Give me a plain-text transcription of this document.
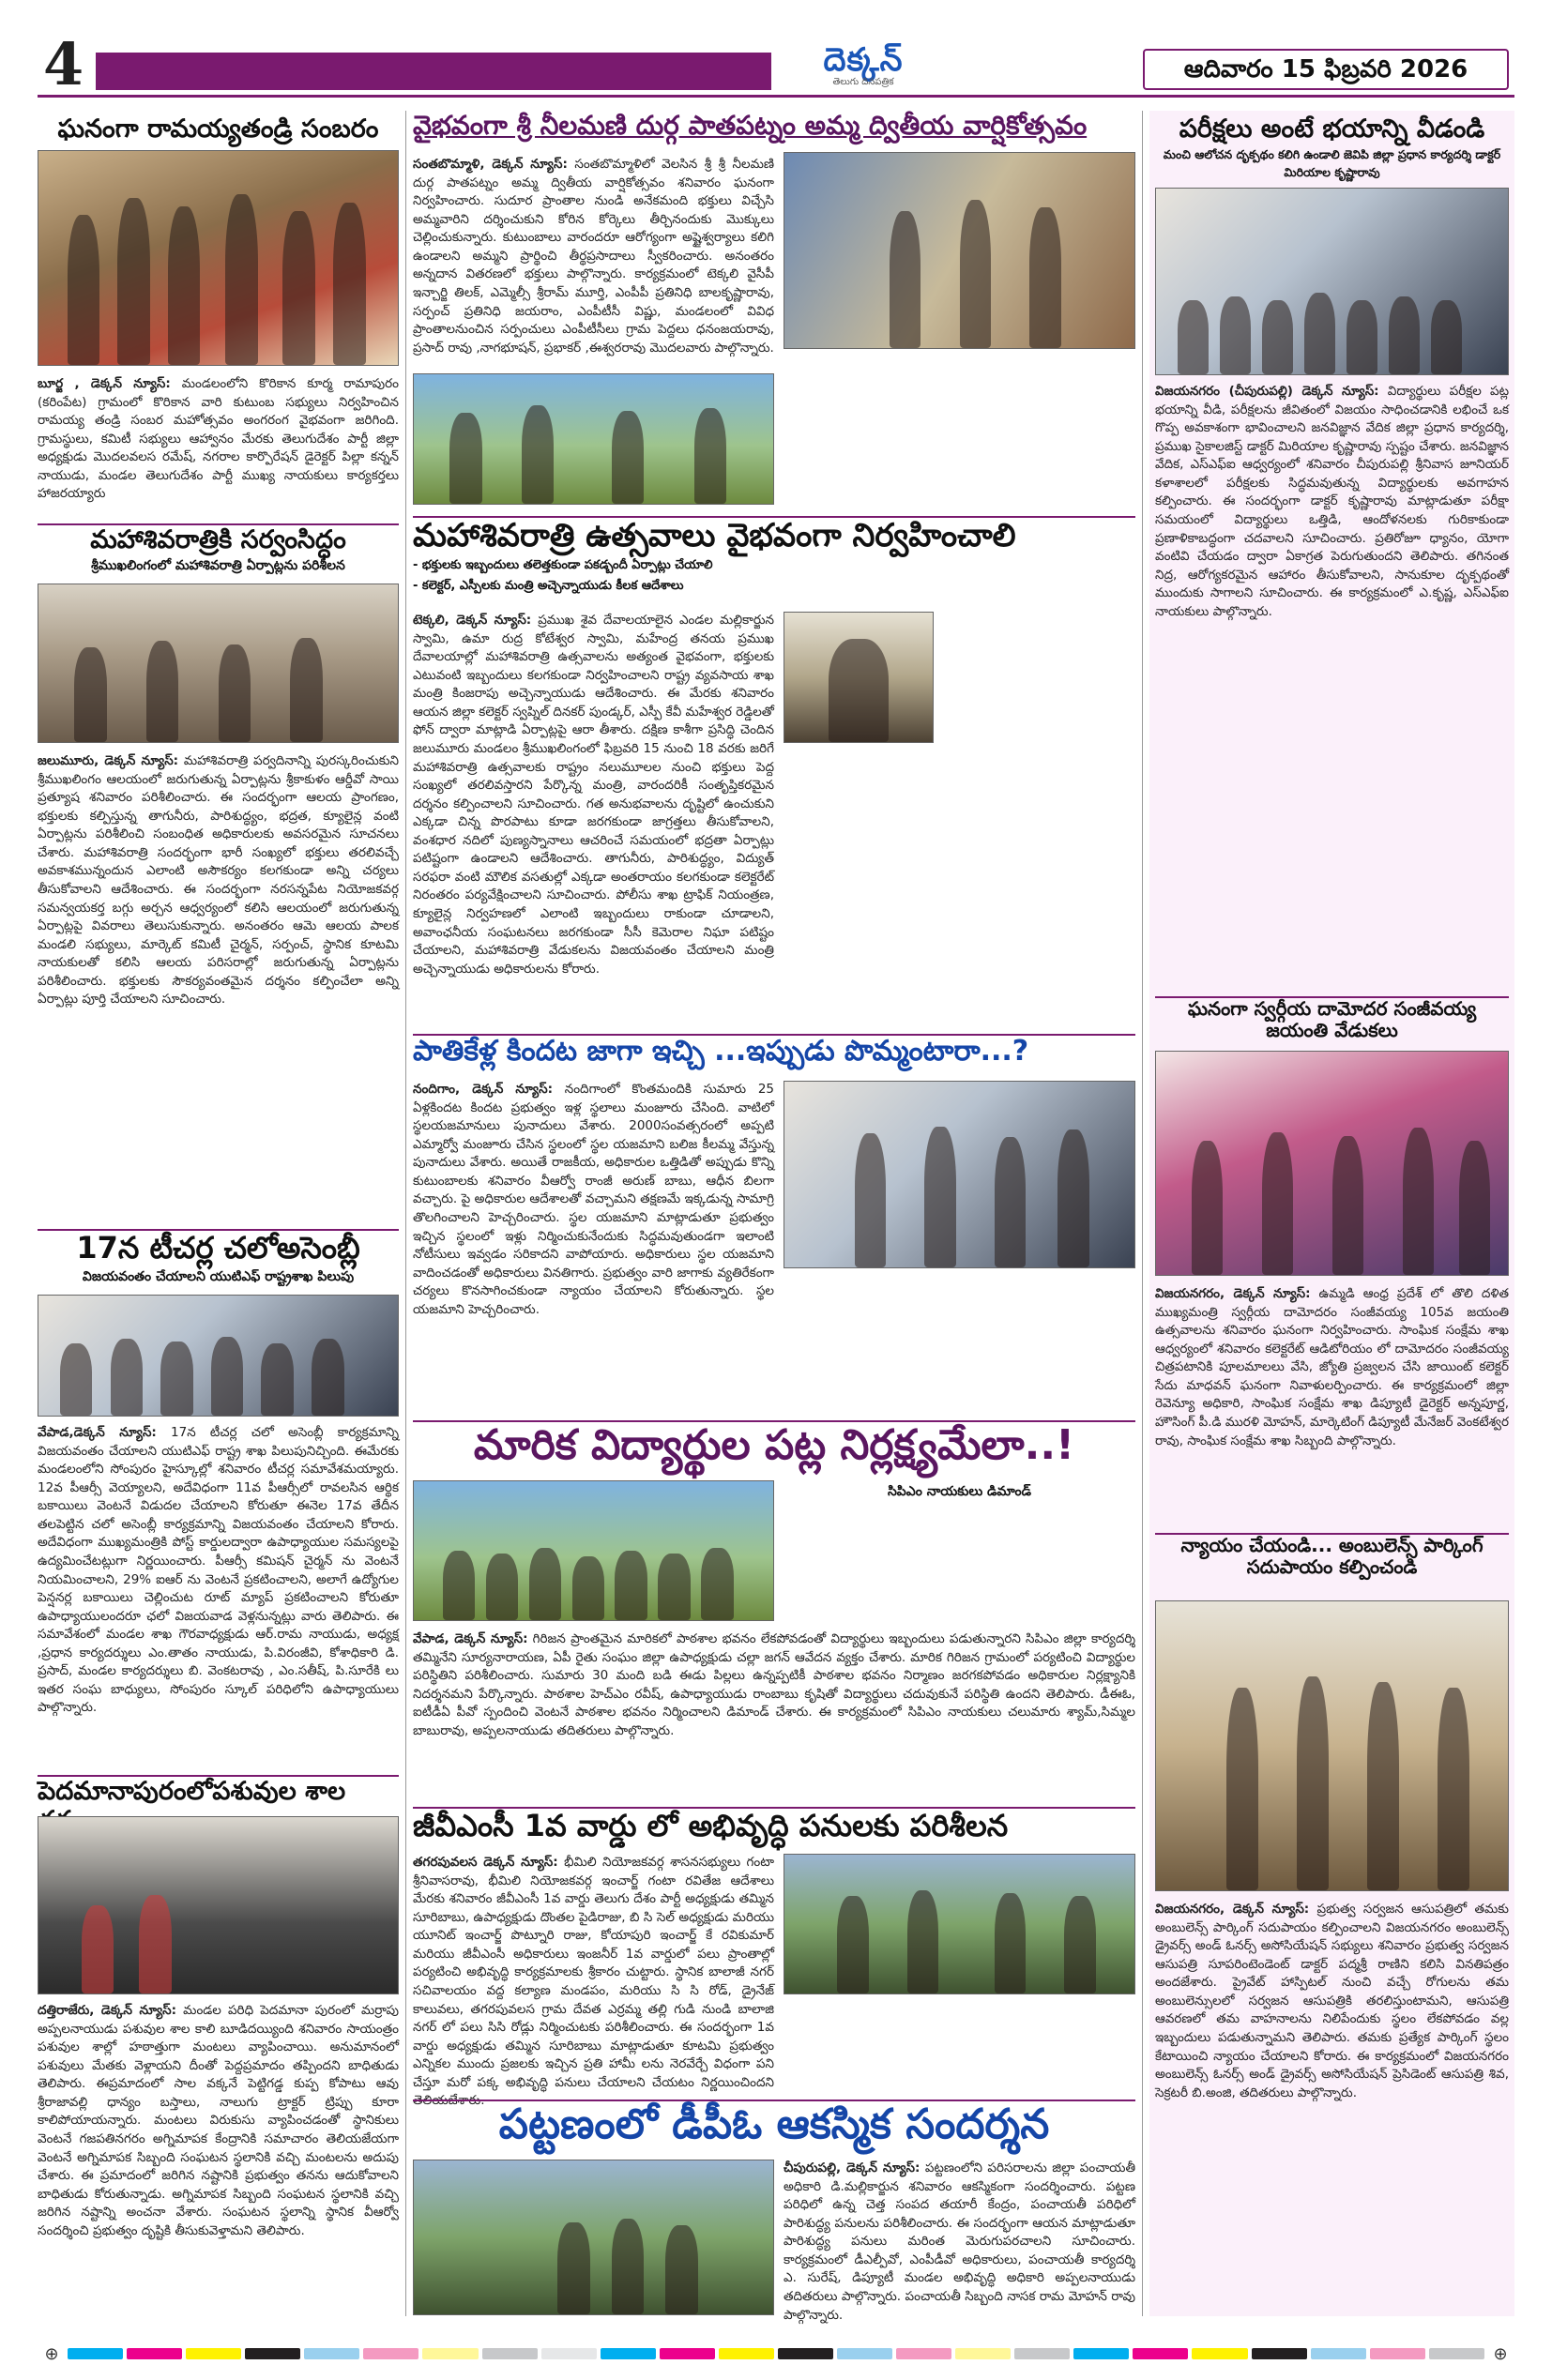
4	దెక్కన్
తెలుగు దినపత్రిక	ఆదివారం 15 ఫిబ్రవరి 2026
ఘనంగా రామయ్యతండ్రి సంబరం
బూర్జ , డెక్కన్ న్యూస్: మండలంలోని కొరికాన కూర్మ రామాపురం (కరింపేట) గ్రామంలో కొరికాన వారి కుటుంబ సభ్యులు నిర్వహించిన రామయ్య తండ్రి సంబర మహోత్సవం అంగరంగ వైభవంగా జరిగింది. గ్రామస్థులు, కమిటీ సభ్యులు ఆహ్వానం మేరకు తెలుగుదేశం పార్టీ జిల్లా అధ్యక్షుడు మొదలవలస రమేష్, నగరాల కార్పొరేషన్ డైరెక్టర్ పిల్లా కన్నన్ నాయుడు, మండల తెలుగుదేశం పార్టీ ముఖ్య నాయకులు కార్యకర్తలు హాజరయ్యారు
మహాశివరాత్రికి సర్వంసిద్ధం
శ్రీముఖలింగంలో మహాశివరాత్రి ఏర్పాట్లను పరిశీలన
జలుమూరు, డెక్కన్ న్యూస్: మహాశివరాత్రి పర్వదినాన్ని పురస్కరించుకుని శ్రీముఖలింగం ఆలయంలో జరుగుతున్న ఏర్పాట్లను శ్రీకాకుళం ఆర్డీవో సాయి ప్రత్యూష శనివారం పరిశీలించారు. ఈ సందర్భంగా ఆలయ ప్రాంగణం, భక్తులకు కల్పిస్తున్న తాగునీరు, పారిశుద్ధ్యం, భద్రత, క్యూలైన్ల వంటి ఏర్పాట్లను పరిశీలించి సంబంధిత అధికారులకు అవసరమైన సూచనలు చేశారు. మహాశివరాత్రి సందర్భంగా భారీ సంఖ్యలో భక్తులు తరలివచ్చే అవకాశమున్నందున ఎలాంటి అసౌకర్యం కలగకుండా అన్ని చర్యలు తీసుకోవాలని ఆదేశించారు. ఈ సందర్భంగా నరసన్నపేట నియోజకవర్గ సమన్వయకర్త బగ్గు అర్చన ఆధ్వర్యంలో కలిసి ఆలయంలో జరుగుతున్న ఏర్పాట్లపై వివరాలు తెలుసుకున్నారు. అనంతరం ఆమె ఆలయ పాలక మండలి సభ్యులు, మార్కెట్ కమిటీ చైర్మన్, సర్పంచ్, స్థానిక కూటమి నాయకులతో కలిసి ఆలయ పరిసరాల్లో జరుగుతున్న ఏర్పాట్లను పరిశీలించారు. భక్తులకు సౌకర్యవంతమైన దర్శనం కల్పించేలా అన్ని ఏర్పాట్లు పూర్తి చేయాలని సూచించారు.
17న టీచర్ల చలోఅసెంబ్లీ
విజయవంతం చేయాలని యుటిఎఫ్ రాష్ట్రశాఖ పిలుపు
వేపాడ,డెక్కన్ న్యూస్: 17న టీచర్ల చలో అసెంబ్లీ కార్యక్రమాన్ని విజయవంతం చేయాలని యుటిఎఫ్ రాష్ట్ర శాఖ పిలుపునిచ్చింది. ఈమేరకు మండలంలోని సోంపురం హైస్కూల్లో శనివారం టీచర్ల సమావేశమయ్యారు. 12వ పీఆర్సీ వెయ్యాలని, అదేవిధంగా 11వ పీఆర్సీలో రావలసిన ఆర్థిక బకాయిలు వెంటనే విడుదల చేయాలని కోరుతూ ఈనెల 17వ తేదీన తలపెట్టిన చలో అసెంబ్లీ కార్యక్రమాన్ని విజయవంతం చేయాలని కోరారు. అదేవిధంగా ముఖ్యమంత్రికి పోస్ట్ కార్డులద్వారా ఉపాధ్యాయుల సమస్యలపై ఉద్యమించేటట్లుగా నిర్ణయించారు. పీఆర్సీ కమిషన్ చైర్మన్ ను వెంటనే నియమించాలని, 29% ఐఆర్ ను వెంటనే ప్రకటించాలని, అలాగే ఉద్యోగుల పెన్షనర్ల బకాయిలు చెల్లించుట రూట్ మ్యాప్ ప్రకటించాలని కోరుతూ ఉపాధ్యాయులందరూ ఛలో విజయవాడ వెళ్లనున్నట్లు వారు తెలిపారు. ఈ సమావేశంలో మండల శాఖ గౌరవాధ్యక్షుడు ఆర్.రామ నాయుడు, అధ్యక్ష ,ప్రధాన కార్యదర్శులు ఎం.తాతం నాయుడు, పి.విరంజీవి, కోశాధికారి డి. ప్రసాద్, మండల కార్యదర్శులు బి. వెంకటరావు , ఎం.సతీష్, పి.సూరేకి లు ఇతర సంఘ బాధ్యులు, సోంపురం స్కూల్ పరిధిలోని ఉపాధ్యాయులు పాల్గొన్నారు.
పెదమానాపురంలోపశువుల శాల
దత్తిరాజేరు, డెక్కన్ న్యూస్: మండల పరిధి పెదమానా పురంలో మర్రాపు అప్పలనాయుడు పశువుల శాల కాలి బూడిదయ్యింది శనివారం సాయంత్రం పశువుల శాల్లో హఠాత్తుగా మంటలు వ్యాపించాయి. అనుమానంలో పశువులు మేతకు వెళ్లాయని దీంతో పెద్దప్రమాదం తప్పిందని బాధితుడు తెలిపారు. ఈప్రమాదంలో సాల వక్కనే పెట్టిగడ్డ కుప్ప కోపాటు ఆవు శ్రీరాజావల్లి ధాన్యం బస్తాలు, నాలుగు ట్రాక్టర్ ట్రిప్పు కూరా కాలిపోయాయన్నారు. మంటలు విరుకుసు వ్యాపించడంతో స్థానికులు వెంటనే గజపతినగరం అగ్నిమాపక కేంద్రానికి సమాచారం తెలియజేయగా వెంటనే అగ్నిమాపక సిబ్బంది సంఘటన స్థలానికి వచ్చి మంటలను అదుపు చేశారు. ఈ ప్రమాదంలో జరిగిన నష్టానికి ప్రభుత్వం తనను ఆదుకోవాలని బాధితుడు కోరుతున్నాడు. అగ్నిమాపక సిబ్బంది సంఘటన స్థలానికి వచ్చి జరిగిన నష్టాన్ని అంచనా వేశారు. సంఘటన స్థలాన్ని స్థానిక వీఆర్వో సందర్శించి ప్రభుత్వం దృష్టికి తీసుకువెళ్తామని తెలిపారు.
వైభవంగా శ్రీ నీలమణి దుర్గ పాతపట్నం అమ్మ ద్వితీయ వార్షికోత్సవం
సంతబొమ్మాళి, డెక్కన్ న్యూస్: సంతబొమ్మాళిలో వెలసిన శ్రీ శ్రీ నీలమణి దుర్గ పాతపట్నం అమ్మ ద్వితీయ వార్షికోత్సవం శనివారం ఘనంగా నిర్వహించారు. సుదూర ప్రాంతాల నుండి అనేకమంది భక్తులు విచ్చేసి అమ్మవారిని దర్శించుకుని కోరిన కోర్కెలు తీర్చినందుకు మొక్కులు చెల్లించుకున్నారు. కుటుంబాలు వారందరూ ఆరోగ్యంగా అష్టైశ్వర్యాలు కలిగి ఉండాలని అమ్మని ప్రార్థించి తీర్థప్రసాదాలు స్వీకరించారు. అనంతరం అన్నదాన వితరణలో భక్తులు పాల్గొన్నారు. కార్యక్రమంలో టెక్కలి వైసీపీ ఇన్చార్జి తిలక్, ఎమ్మెల్సీ శ్రీరామ్ మూర్తి, ఎంపీపీ ప్రతినిధి బాలకృష్ణారావు, సర్పంచ్ ప్రతినిధి జయరాం, ఎంపీటీసీ విష్ణు, మండలంలో వివిధ ప్రాంతాలనుంచిన సర్పంచులు ఎంపీటీసీలు గ్రామ పెద్దలు ధనంజయరావు, ప్రసాద్ రావు ,నాగభూషన్, ప్రభాకర్ ,ఈశ్వరరావు మొదలవారు పాల్గొన్నారు.
మహాశివరాత్రి ఉత్సవాలు వైభవంగా నిర్వహించాలి
- భక్తులకు ఇబ్బందులు తలెత్తకుండా పకడ్బందీ ఏర్పాట్లు చేయాలి
- కలెక్టర్, ఎస్పీలకు మంత్రి అచ్చెన్నాయుడు కీలక ఆదేశాలు
టెక్కలి, డెక్కన్ న్యూస్: ప్రముఖ శైవ దేవాలయాలైన ఎండల మల్లికార్జున స్వామి, ఉమా రుద్ర కోటేశ్వర స్వామి, మహేంద్ర తనయ ప్రముఖ దేవాలయాల్లో మహాశివరాత్రి ఉత్సవాలను అత్యంత వైభవంగా, భక్తులకు ఎటువంటి ఇబ్బందులు కలగకుండా నిర్వహించాలని రాష్ట్ర వ్యవసాయ శాఖ మంత్రి కింజరాపు అచ్చెన్నాయుడు ఆదేశించారు. ఈ మేరకు శనివారం ఆయన జిల్లా కలెక్టర్ స్వప్నిల్ దినకర్ పుండ్కర్, ఎస్పీ కేవీ మహేశ్వర రెడ్డిలతో ఫోన్ ద్వారా మాట్లాడి ఏర్పాట్లపై ఆరా తీశారు. దక్షిణ కాశీగా ప్రసిద్ధి చెందిన జలుమూరు మండలం శ్రీముఖలింగంలో ఫిబ్రవరి 15 నుంచి 18 వరకు జరిగే మహాశివరాత్రి ఉత్సవాలకు రాష్ట్రం నలుమూలల నుంచి భక్తులు పెద్ద సంఖ్యలో తరలివస్తారని పేర్కొన్న మంత్రి, వారందరికీ సంతృప్తికరమైన దర్శనం కల్పించాలని సూచించారు. గత అనుభవాలను దృష్టిలో ఉంచుకుని ఎక్కడా చిన్న పొరపాటు కూడా జరగకుండా జాగ్రత్తలు తీసుకోవాలని, వంశధార నదిలో పుణ్యస్నానాలు ఆచరించే సమయంలో భద్రతా ఏర్పాట్లు పటిష్టంగా ఉండాలని ఆదేశించారు. తాగునీరు, పారిశుద్ధ్యం, విద్యుత్ సరఫరా వంటి మౌలిక వసతుల్లో ఎక్కడా అంతరాయం కలగకుండా కలెక్టరేట్ నిరంతరం పర్యవేక్షించాలని సూచించారు. పోలీసు శాఖ ట్రాఫిక్ నియంత్రణ, క్యూలైన్ల నిర్వహణలో ఎలాంటి ఇబ్బందులు రాకుండా చూడాలని, అవాంఛనీయ సంఘటనలు జరగకుండా సీసీ కెమెరాల నిఘా పటిష్టం చేయాలని, మహాశివరాత్రి వేడుకలను విజయవంతం చేయాలని మంత్రి అచ్చెన్నాయుడు అధికారులను కోరారు.
పాతికేళ్ల కిందట జాగా ఇచ్చి ...ఇప్పుడు పొమ్మంటారా...?
నందిగాం, డెక్కన్ న్యూస్: నందిగాంలో కొంతమందికి సుమారు 25 ఏళ్లకిందట కిందట ప్రభుత్వం ఇళ్ల స్థలాలు మంజూరు చేసింది. వాటిలో స్థలయజమానులు పునాదులు వేశారు. 2000సంవత్సరంలో అప్పటి ఎమ్మార్వో మంజూరు చేసిన స్థలంలో స్థల యజమాని బలిజ కీలమ్మ వేస్తున్న పునాదులు వేశారు. అయితే రాజకీయ, అధికారుల ఒత్తిడితో అప్పుడు కొన్ని కుటుంబాలకు శనివారం వీఆర్వో రాంజీ అరుణ్ బాబు, ఆధీన బిలగా వచ్చారు. పై అధికారుల ఆదేశాలతో వచ్చామని తక్షణమే ఇక్కడున్న సామాగ్రి తొలగించాలని హెచ్చరించారు. స్థల యజమాని మాట్లాడుతూ ప్రభుత్వం ఇచ్చిన స్థలంలో ఇళ్లు నిర్మించుకునేందుకు సిద్ధమవుతుండగా ఇలాంటి నోటీసులు ఇవ్వడం సరికాదని వాపోయారు. అధికారులు స్థల యజమాని వాదించడంతో అధికారులు వినతిగారు. ప్రభుత్వం వారి జాగాకు వ్యతిరేకంగా చర్యలు కొనసాగించకుండా న్యాయం చేయాలని కోరుతున్నారు. స్థల యజమాని హెచ్చరించారు.
మారిక విద్యార్థుల పట్ల నిర్లక్ష్యమేలా..!
సిపిఎం నాయకులు డిమాండ్
వేపాడ, డెక్కన్ న్యూస్: గిరిజన ప్రాంతమైన మారికలో పాఠశాల భవనం లేకపోవడంతో విద్యార్థులు ఇబ్బందులు పడుతున్నారని సిపిఎం జిల్లా కార్యదర్శి తమ్మినేని సూర్యనారాయణ, ఏపీ రైతు సంఘం జిల్లా ఉపాధ్యక్షుడు చల్లా జగన్ ఆవేదన వ్యక్తం చేశారు. మారిక గిరిజన గ్రామంలో పర్యటించి విద్యార్థుల పరిస్థితిని పరిశీలించారు. సుమారు 30 మంది బడి ఈడు పిల్లలు ఉన్నప్పటికీ పాఠశాల భవనం నిర్మాణం జరగకపోవడం అధికారుల నిర్లక్ష్యానికి నిదర్శనమని పేర్కొన్నారు. పాఠశాల హెచ్ఎం రవీష్, ఉపాధ్యాయుడు రాంబాబు కృషితో విద్యార్థులు చదువుకునే పరిస్థితి ఉందని తెలిపారు. డీఈఓ, ఐటీడీఏ పీవో స్పందించి వెంటనే పాఠశాల భవనం నిర్మించాలని డిమాండ్ చేశారు. ఈ కార్యక్రమంలో సిపిఎం నాయకులు చలుమారు శ్యామ్,సిమ్మల బాబురావు, అప్పలనాయుడు తదితరులు పాల్గొన్నారు.
జీవీఎంసీ 1వ వార్డు లో అభివృద్ధి పనులకు పరిశీలన
తగరపువలస డెక్కన్ న్యూస్: భీమిలి నియోజకవర్గ శాసనసభ్యులు గంటా శ్రీనివాసరావు, భీమిలి నియోజకవర్గ ఇంచార్జ్ గంటా రవితేజ ఆదేశాలు మేరకు శనివారం జీవీఎంసీ 1వ వార్డు తెలుగు దేశం పార్టీ అధ్యక్షుడు తమ్మిన సూరిబాబు, ఉపాధ్యక్షుడు దొంతల పైడిరాజు, బి సి సెల్ అధ్యక్షుడు మరియు యూనిట్ ఇంచార్జ్ పొట్నూరి రాజు, కోయాపురి ఇంచార్జ్ కే రవికుమార్ మరియు జీవీఎంసీ అధికారులు ఇంజనీర్ 1వ వార్డులో పలు ప్రాంతాల్లో పర్యటించి అభివృద్ధి కార్యక్రమాలకు శ్రీకారం చుట్టారు. స్థానిక బాలాజీ నగర్ సచివాలయం వద్ద కల్యాణ మండపం, మరియు సి సి రోడ్, డ్రైనేజ్ కాలువలు, తగరపువలస గ్రామ దేవత ఎర్రమ్మ తల్లి గుడి నుండి బాలాజి నగర్ లో పలు సిసి రోడ్లు నిర్మించుటకు పరిశీలించారు. ఈ సందర్భంగా 1వ వార్డు అధ్యక్షుడు తమ్మిన సూరిబాబు మాట్లాడుతూ కూటమి ప్రభుత్వం ఎన్నికల ముందు ప్రజలకు ఇచ్చిన ప్రతి హామీ లను నెరవేర్చే విధంగా పని చేస్తూ మరో పక్క అభివృద్ధి పనులు చేయాలని చేయటం నిర్ణయించిందని
పట్టణంలో డీపీఓ ఆకస్మిక సందర్శన
చీపురుపల్లి, డెక్కన్ న్యూస్: పట్టణంలోని పరిసరాలను జిల్లా పంచాయతీ అధికారి డి.మల్లికార్జున శనివారం ఆకస్మికంగా సందర్శించారు. పట్టణ పరిధిలో ఉన్న చెత్త సంపద తయారీ కేంద్రం, పంచాయతీ పరిధిలో పారిశుద్ధ్య పనులను పరిశీలించారు. ఈ సందర్భంగా ఆయన మాట్లాడుతూ పారిశుద్ధ్య పనులు మరింత మెరుగుపరచాలని సూచించారు. కార్యక్రమంలో డీఎల్పీవో, ఎంపీడీవో అధికారులు, పంచాయతీ కార్యదర్శి ఎ. సురేష్, డిప్యూటీ మండల అభివృద్ధి అధికారి అప్పలనాయుడు తదితరులు పాల్గొన్నారు. పంచాయతీ సిబ్బంది నాసక రామ మోహన్ రావు పాల్గొన్నారు.
పరీక్షలు అంటే భయాన్ని వీడండి
మంచి ఆలోచన దృక్పథం కలిగి ఉండాలి జెవిపి జిల్లా ప్రధాన కార్యదర్శి డాక్టర్ మిరియాల కృష్ణారావు
విజయనగరం (చీపురుపల్లి) డెక్కన్ న్యూస్: విద్యార్థులు పరీక్షల పట్ల భయాన్ని వీడి, పరీక్షలను జీవితంలో విజయం సాధించడానికి లభించే ఒక గొప్ప అవకాశంగా భావించాలని జనవిజ్ఞాన వేదిక జిల్లా ప్రధాన కార్యదర్శి, ప్రముఖ సైకాలజిస్ట్ డాక్టర్ మిరియాల కృష్ణారావు స్పష్టం చేశారు. జనవిజ్ఞాన వేదిక, ఎస్ఎఫ్ఐ ఆధ్వర్యంలో శనివారం చీపురుపల్లి శ్రీనివాస జూనియర్ కళాశాలలో పరీక్షలకు సిద్ధమవుతున్న విద్యార్థులకు అవగాహన కల్పించారు. ఈ సందర్భంగా డాక్టర్ కృష్ణారావు మాట్లాడుతూ పరీక్షా సమయంలో విద్యార్థులు ఒత్తిడి, ఆందోళనలకు గురికాకుండా ప్రణాళికాబద్ధంగా చదవాలని సూచించారు. ప్రతిరోజూ ధ్యానం, యోగా వంటివి చేయడం ద్వారా ఏకాగ్రత పెరుగుతుందని తెలిపారు. తగినంత నిద్ర, ఆరోగ్యకరమైన ఆహారం తీసుకోవాలని, సానుకూల దృక్పథంతో ముందుకు సాగాలని సూచించారు. ఈ కార్యక్రమంలో ఎ.కృష్ణ, ఎస్ఎఫ్ఐ నాయకులు పాల్గొన్నారు.
ఘనంగా స్వర్గీయ దామోదర సంజీవయ్య జయంతి వేడుకలు
విజయనగరం, డెక్కన్ న్యూస్: ఉమ్మడి ఆంధ్ర ప్రదేశ్ లో తొలి దళిత ముఖ్యమంత్రి స్వర్గీయ దామోదరం సంజీవయ్య 105వ జయంతి ఉత్సవాలను శనివారం ఘనంగా నిర్వహించారు. సాంఘిక సంక్షేమ శాఖ ఆధ్వర్యంలో శనివారం కలెక్టరేట్ ఆడిటోరియం లో దామోదరం సంజీవయ్య చిత్రపటానికి పూలమాలలు వేసి, జ్యోతి ప్రజ్వలన చేసి జాయింట్ కలెక్టర్ సేదు మాధవన్ ఘనంగా నివాళులర్పించారు. ఈ కార్యక్రమంలో జిల్లా రెవెన్యూ అధికారి, సాంఘిక సంక్షేమ శాఖ డిప్యూటీ డైరెక్టర్ అన్నపూర్ణ, హౌసింగ్ పీ.డి మురళి మోహన్, మార్కెటింగ్ డిప్యూటీ మేనేజర్ వెంకటేశ్వర రావు, సాంఘిక సంక్షేమ శాఖ సిబ్బంది పాల్గొన్నారు.
న్యాయం చేయండి... అంబులెన్స్ పార్కింగ్ సదుపాయం కల్పించండి
విజయనగరం, డెక్కన్ న్యూస్: ప్రభుత్వ సర్వజన ఆసుపత్రిలో తమకు అంబులెన్స్ పార్కింగ్ సదుపాయం కల్పించాలని విజయనగరం అంబులెన్స్ డ్రైవర్స్ అండ్ ఓనర్స్ అసోసియేషన్ సభ్యులు శనివారం ప్రభుత్వ సర్వజన ఆసుపత్రి సూపరింటెండెంట్ డాక్టర్ పద్మశ్రీ రాణిని కలిసి వినతిపత్రం అందజేశారు. ప్రైవేట్ హాస్పిటల్ నుంచి వచ్చే రోగులను తమ అంబులెన్సులలో సర్వజన ఆసుపత్రికి తరలిస్తుంటామని, ఆసుపత్రి ఆవరణలో తమ వాహనాలను నిలిపేందుకు స్థలం లేకపోవడం వల్ల ఇబ్బందులు పడుతున్నామని తెలిపారు. తమకు ప్రత్యేక పార్కింగ్ స్థలం కేటాయించి న్యాయం చేయాలని కోరారు. ఈ కార్యక్రమంలో విజయనగరం అంబులెన్స్ ఓనర్స్ అండ్ డ్రైవర్స్ అసోసియేషన్ ప్రెసిడెంట్ ఆసుపత్రి శివ, సెక్రటరీ బి.అంజి, తదితరులు పాల్గొన్నారు.
⊕	⊕
